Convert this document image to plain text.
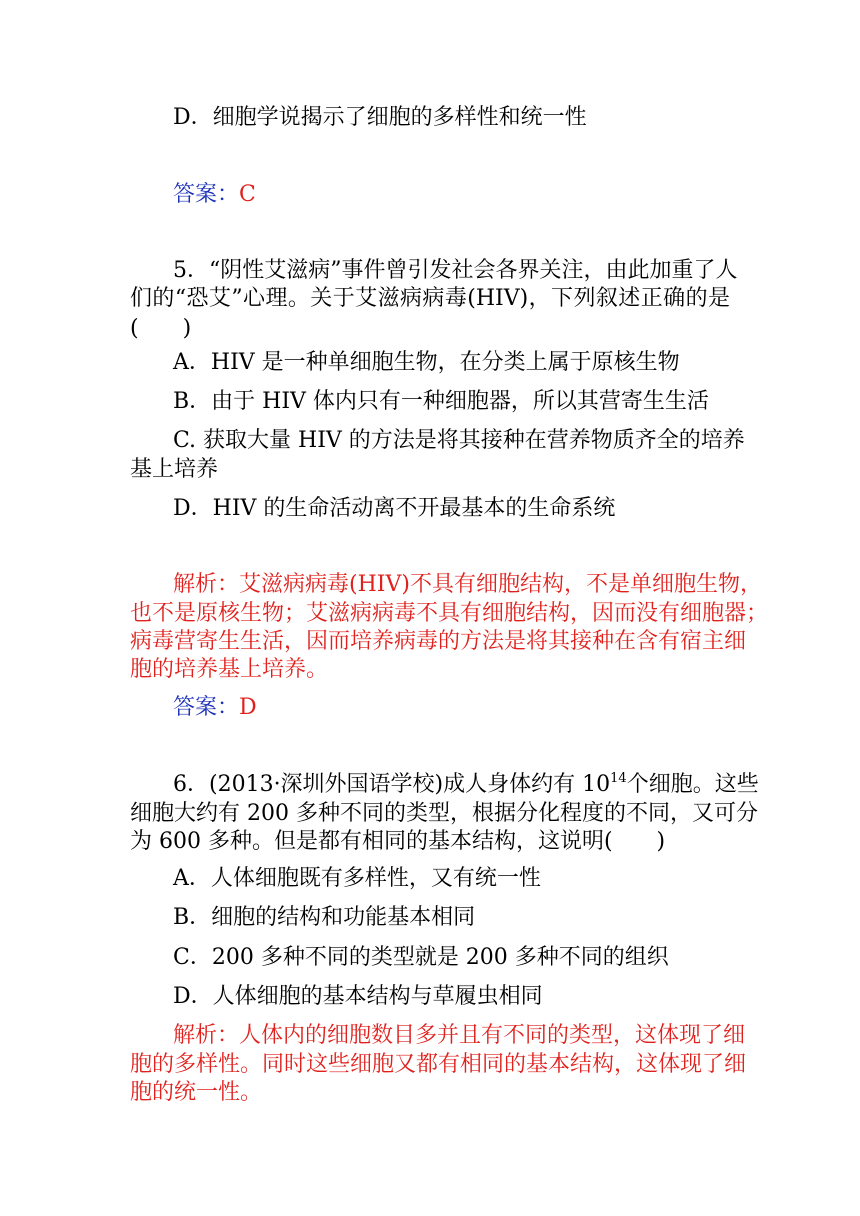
D．细胞学说揭示了细胞的多样性和统一性
答案：C
5．“阴性艾滋病”事件曾引发社会各界关注，由此加重了人
们的“恐艾”心理。关于艾滋病病毒(HIV)，下列叙述正确的是
(　　)
A．HIV 是一种单细胞生物，在分类上属于原核生物
B．由于 HIV 体内只有一种细胞器，所以其营寄生生活
C. 获取大量 HIV 的方法是将其接种在营养物质齐全的培养
基上培养
D．HIV 的生命活动离不开最基本的生命系统
解析：艾滋病病毒(HIV)不具有细胞结构，不是单细胞生物，
也不是原核生物；艾滋病病毒不具有细胞结构，因而没有细胞器；
病毒营寄生生活，因而培养病毒的方法是将其接种在含有宿主细
胞的培养基上培养。
答案：D
6．(2013·深圳外国语学校)成人身体约有 $10^{14}$个细胞。这些
细胞大约有 200 多种不同的类型，根据分化程度的不同，又可分
为 600 多种。但是都有相同的基本结构，这说明(　　)
A．人体细胞既有多样性，又有统一性
B．细胞的结构和功能基本相同
C．200 多种不同的类型就是 200 多种不同的组织
D．人体细胞的基本结构与草履虫相同
解析：人体内的细胞数目多并且有不同的类型，这体现了细
胞的多样性。同时这些细胞又都有相同的基本结构，这体现了细
胞的统一性。
